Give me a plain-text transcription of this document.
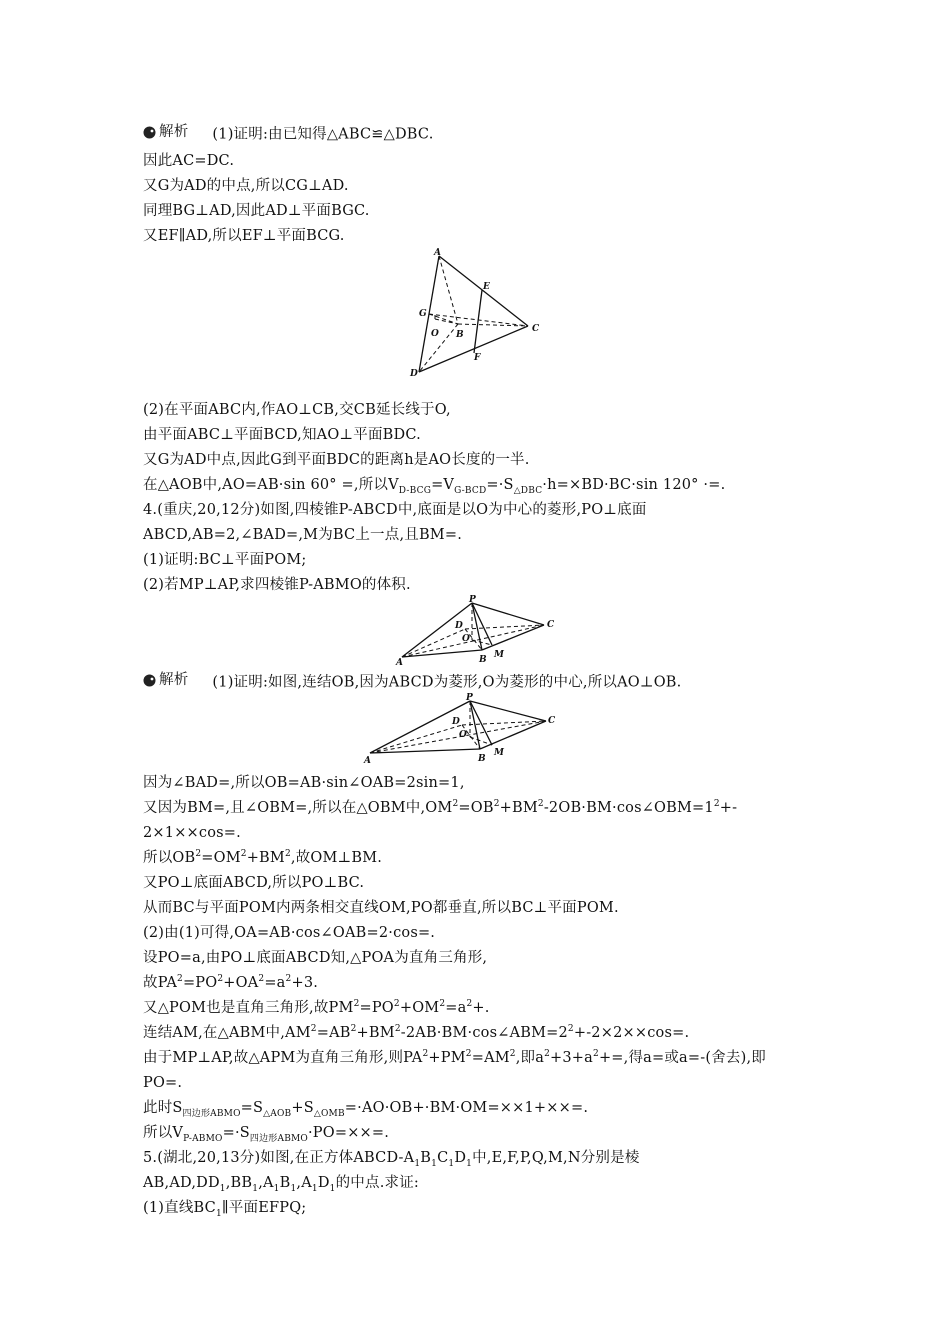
解析 (1)证明:由已知得△ABC≌△DBC.
因此AC=DC.
又G为AD的中点,所以CG⊥AD.
同理BG⊥AD,因此AD⊥平面BGC.
又EF∥AD,所以EF⊥平面BCG.
A
E
G
O B
C
F
D
(2)在平面ABC内,作AO⊥CB,交CB延长线于O,
由平面ABC⊥平面BCD,知AO⊥平面BDC.
又G为AD中点,因此G到平面BDC的距离h是AO长度的一半.
在△AOB中,AO=AB·sin 60° =,所以$V_{D-BCG}=V_{G-BCD}=\cdot S_{\triangle DBC}\cdot h=\times BD\cdot BC\cdot\sin$ 120° ·=.
4.(重庆,20,12分)如图,四棱锥P-ABCD中,底面是以O为中心的菱形,PO⊥底面
ABCD,AB=2,∠BAD=,M为BC上一点,且BM=.
(1)证明:BC⊥平面POM;
(2)若MP⊥AP,求四棱锥P-ABMO的体积.
P
D
O
C
A	B M
解析 (1)证明:如图,连结OB,因为ABCD为菱形,O为菱形的中心,所以AO⊥OB.
P
D
O
C
A	B
M
因为∠BAD=,所以OB=AB·sin∠OAB=2sin=1,
又因为BM=,且∠OBM=,所以在△OBM中$,OM^2=OB^2+BM^2-2OB\cdot BM\cdot\cos\angle OBM=1^2+-$
2×1××cos=.
所以$OB^2=OM^2+BM^2$,故OM⊥BM.
又PO⊥底面ABCD,所以PO⊥BC.
从而BC与平面POM内两条相交直线OM,PO都垂直,所以BC⊥平面POM.
(2)由(1)可得,OA=AB·cos∠OAB=2·cos=.
设PO=a,由PO⊥底面ABCD知,△POA为直角三角形,
故$PA^2=PO^2+OA^2=a^2+3$.
又△POM也是直角三角形,故$PM^2=PO^2+OM^2=a^2+$.
连结AM,在△ABM中$,AM^2=AB^2+BM^2-2AB\cdot BM\cdot\cos\angle ABM=2^2+-2\times 2\times\times\cos=$.
由于MP⊥AP,故△APM为直角三角形,则$PA^2+PM^2=AM^2$,即$a^2+3+a^2+=$,得a=或a=-(舍去),即
PO=.
此时$S_{四边形ABMO}=S_{\triangle AOB}+S_{\triangle OMB}=\cdot AO\cdot OB+\cdot BM\cdot OM=\times\times 1+\times\times=$.
所以$V_{P-ABMO}=\cdot S_{四边形ABMO}\cdot PO=\times\times=$.
5.(湖北,20,13分)如图,在正方体ABCD-$A_1B_1C_1D_1$中,E,F,P,Q,M,N分别是棱
$AB,AD,DD_1,BB_1,A_1B_1,A_1D_1$的中点.求证:
(1)直线$BC_1\parallel$平面EFPQ;
